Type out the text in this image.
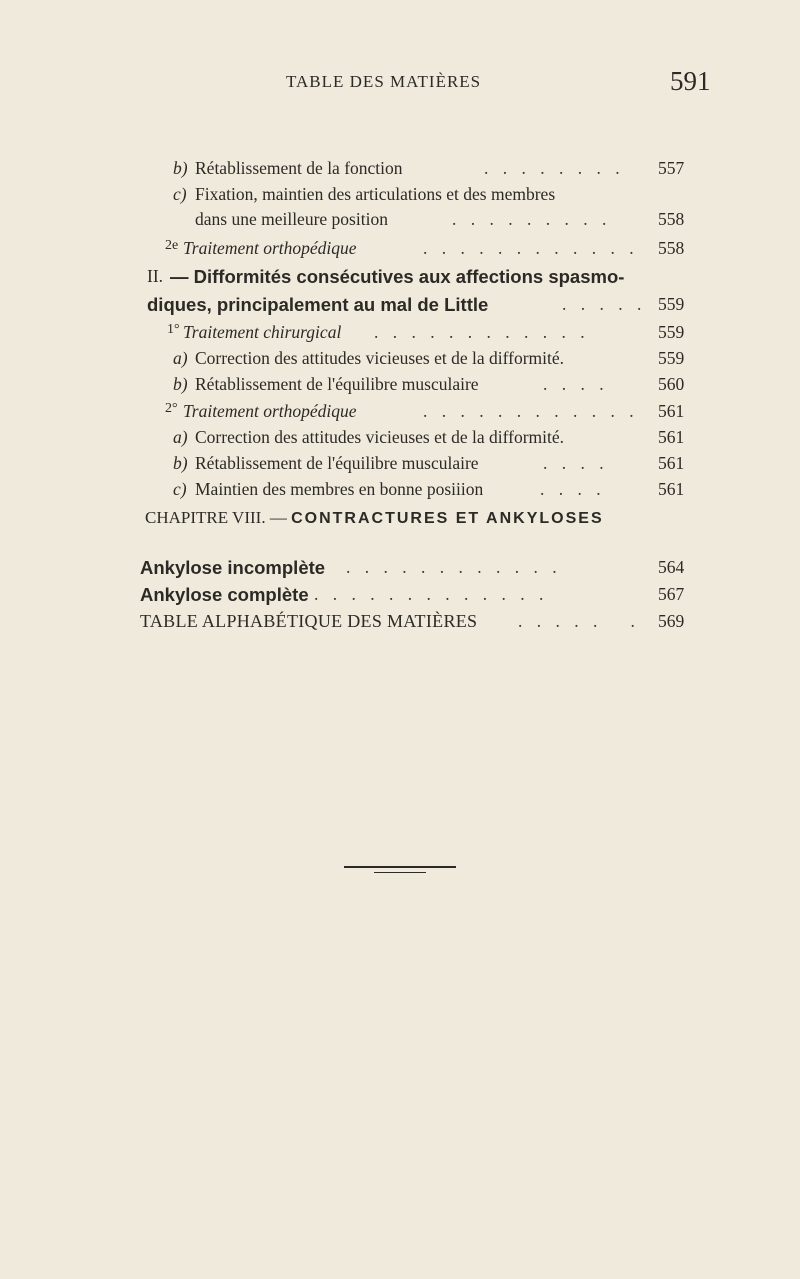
TABLE DES MATIÈRES	591
b) Rétablissement de la fonction	. . . . . . . . 557
c) Fixation, maintien des articulations et des membres
dans une meilleure position	. . . . . . . . .	558
2e Traitement orthopédique	. . . . . . . . . . . . 558
II. — Difformités consécutives aux affections spasmo-
diques, principalement au mal de Little	. . . . . 559
1° Traitement chirurgical . . . . . . . . . . . .	559
a) Correction des attitudes vicieuses et de la difformité.	559
b) Rétablissement de l'équilibre musculaire	. . . .	560
2° Traitement orthopédique	. . . . . . . . . . . . 561
a) Correction des attitudes vicieuses et de la difformité.	561
b) Rétablissement de l'équilibre musculaire	. . . .	561
c) Maintien des membres en bonne posiiion	. . . .	561
CHAPITRE VIII. — CONTRACTURES ET ANKYLOSES
Ankylose incomplète . . . . . . . . . . . .	564
Ankylose complète . . . . . . . . . . . . .	567
TABLE ALPHABÉTIQUE DES MATIÈRES . . . . .   . 569
